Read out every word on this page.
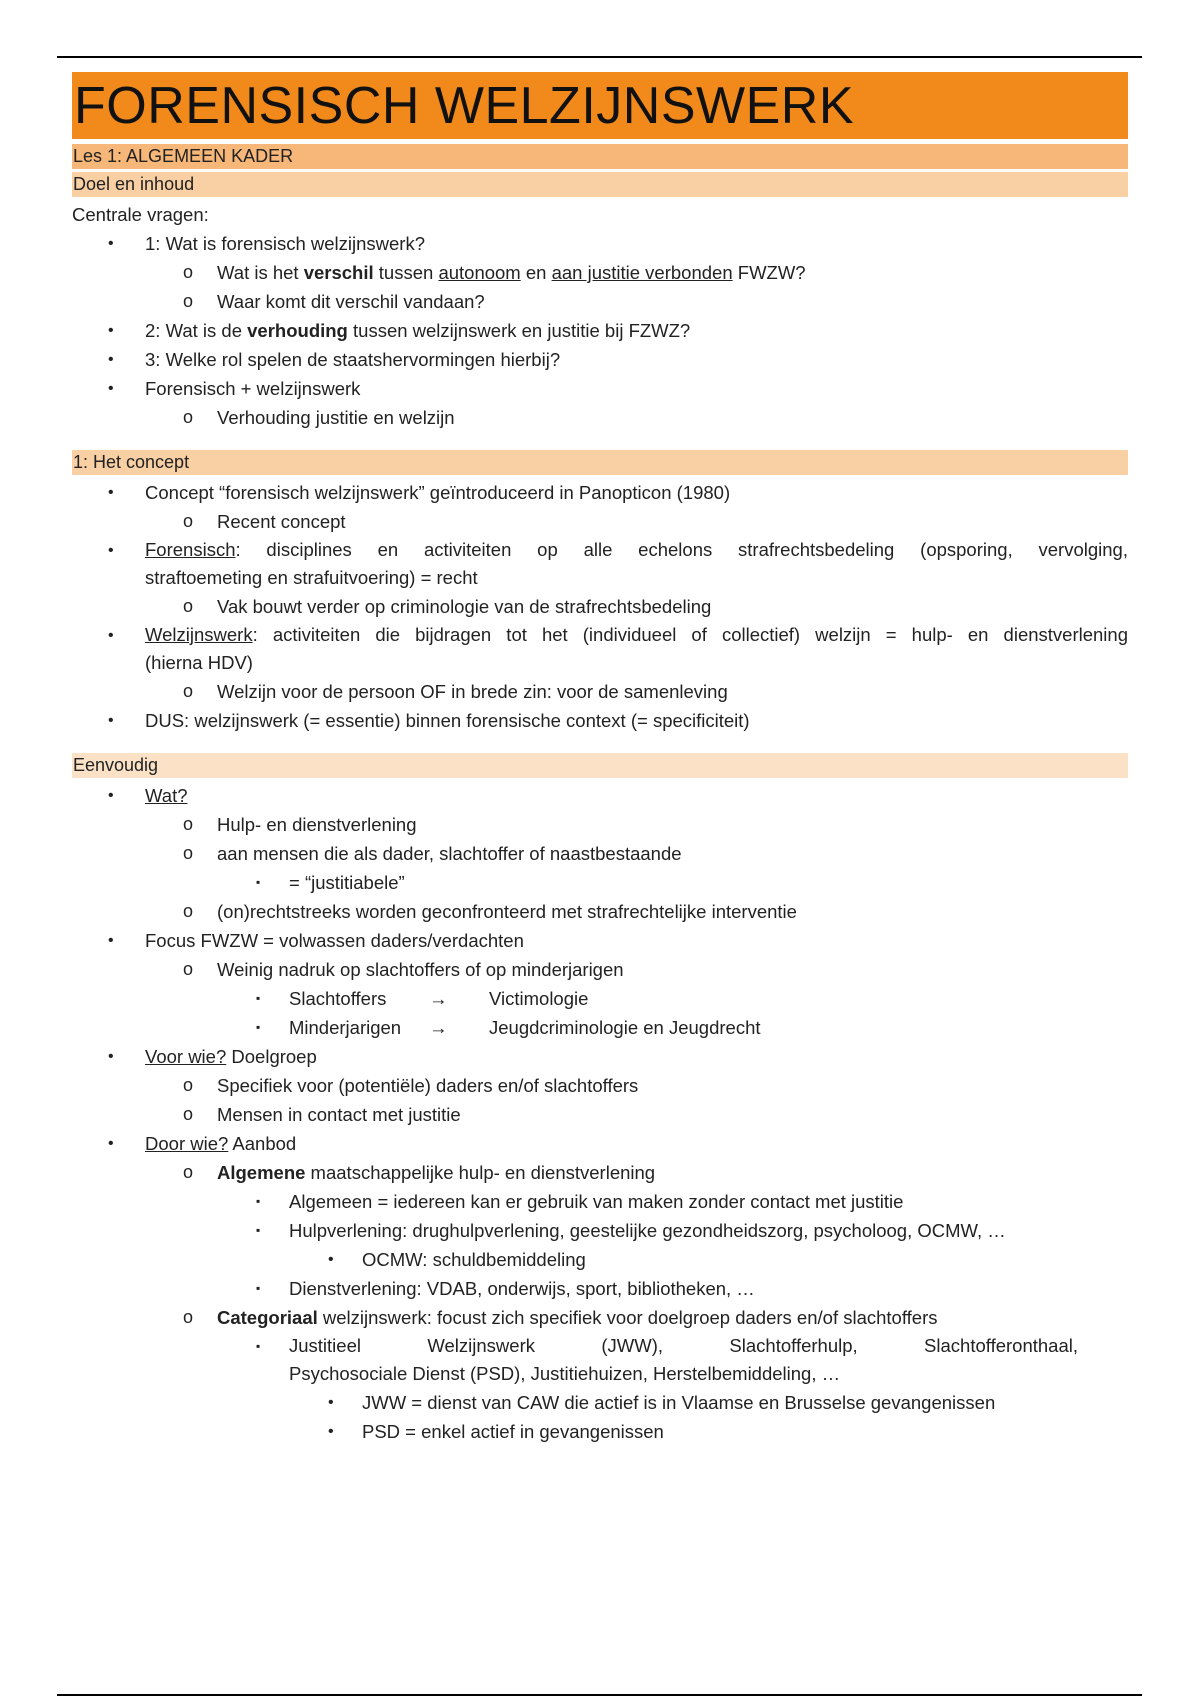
FORENSISCH WELZIJNSWERK
Les 1: ALGEMEEN KADER
Doel en inhoud
Centrale vragen:
• 1: Wat is forensisch welzijnswerk?
o Wat is het verschil tussen autonoom en aan justitie verbonden FWZW?
o Waar komt dit verschil vandaan?
• 2: Wat is de verhouding tussen welzijnswerk en justitie bij FZWZ?
• 3: Welke rol spelen de staatshervormingen hierbij?
• Forensisch + welzijnswerk
o Verhouding justitie en welzijn
1: Het concept
• Concept “forensisch welzijnswerk” geïntroduceerd in Panopticon (1980)
o Recent concept
• Forensisch: disciplines en activiteiten op alle echelons strafrechtsbedeling (opsporing, vervolging,
straftoemeting en strafuitvoering) = recht
o Vak bouwt verder op criminologie van de strafrechtsbedeling
• Welzijnswerk: activiteiten die bijdragen tot het (individueel of collectief) welzijn = hulp- en dienstverlening
(hierna HDV)
o Welzijn voor de persoon OF in brede zin: voor de samenleving
• DUS: welzijnswerk (= essentie) binnen forensische context (= specificiteit)
Eenvoudig
• Wat?
o Hulp- en dienstverlening
o aan mensen die als dader, slachtoffer of naastbestaande
▪ = “justitiabele”
o (on)rechtstreeks worden geconfronteerd met strafrechtelijke interventie
• Focus FWZW = volwassen daders/verdachten
o Weinig nadruk op slachtoffers of op minderjarigen
▪ Slachtoffers → Victimologie
▪ Minderjarigen → Jeugdcriminologie en Jeugdrecht
• Voor wie? Doelgroep
o Specifiek voor (potentiële) daders en/of slachtoffers
o Mensen in contact met justitie
• Door wie? Aanbod
o Algemene maatschappelijke hulp- en dienstverlening
▪ Algemeen = iedereen kan er gebruik van maken zonder contact met justitie
▪ Hulpverlening: drughulpverlening, geestelijke gezondheidszorg, psycholoog, OCMW, …
• OCMW: schuldbemiddeling
▪ Dienstverlening: VDAB, onderwijs, sport, bibliotheken, …
o Categoriaal welzijnswerk: focust zich specifiek voor doelgroep daders en/of slachtoffers
▪ Justitieel Welzijnswerk (JWW), Slachtofferhulp, Slachtofferonthaal,
Psychosociale Dienst (PSD), Justitiehuizen, Herstelbemiddeling, …
• JWW = dienst van CAW die actief is in Vlaamse en Brusselse gevangenissen
• PSD = enkel actief in gevangenissen
